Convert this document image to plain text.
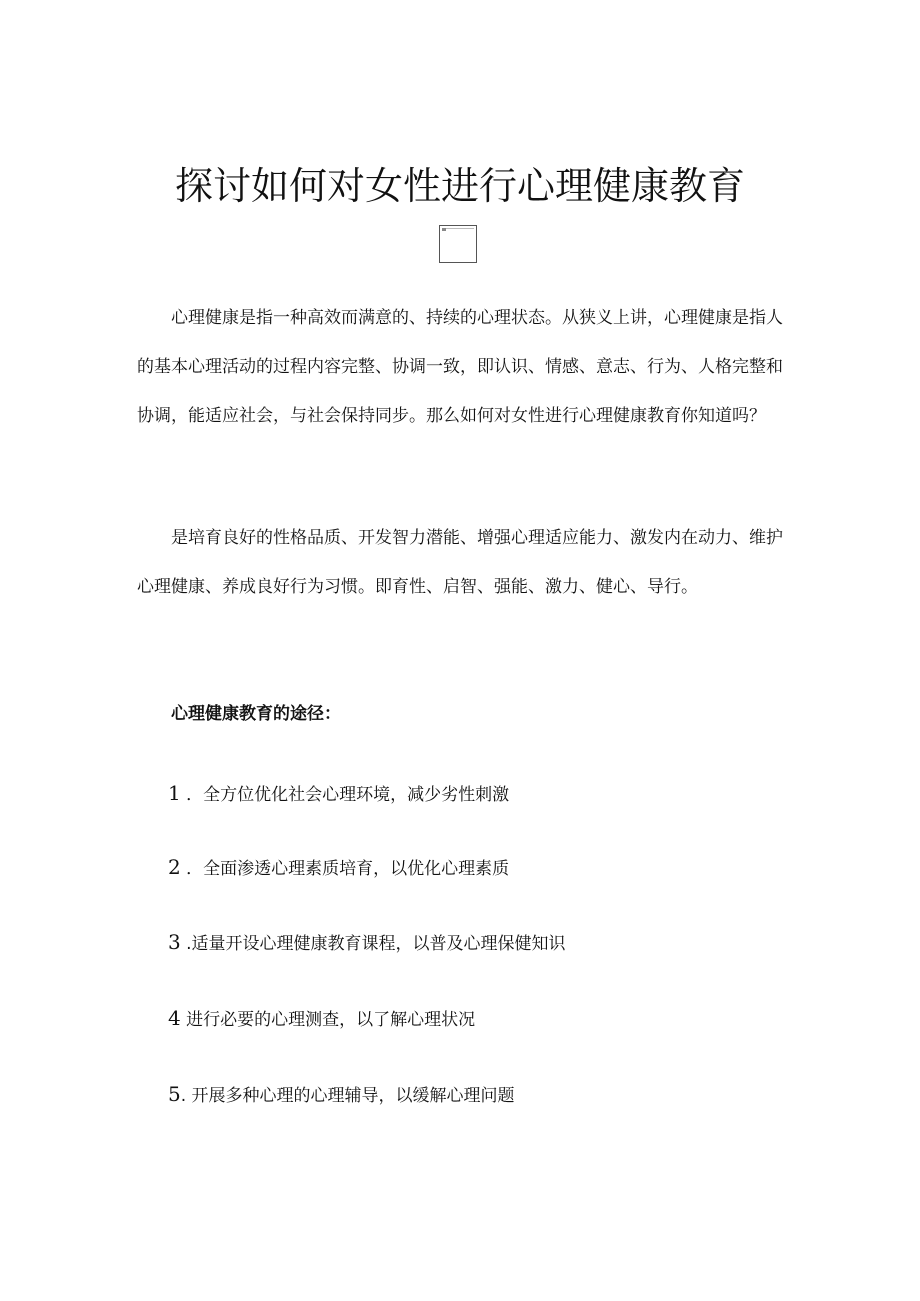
探讨如何对女性进行心理健康教育

心理健康是指一种高效而满意的、持续的心理状态。从狭义上讲，心理健康是指人的基本心理活动的过程内容完整、协调一致，即认识、情感、意志、行为、人格完整和协调，能适应社会，与社会保持同步。那么如何对女性进行心理健康教育你知道吗？

是培育良好的性格品质、开发智力潜能、增强心理适应能力、激发内在动力、维护心理健康、养成良好行为习惯。即育性、启智、强能、激力、健心、导行。

心理健康教育的途径：

1 ．全方位优化社会心理环境，减少劣性刺激

2 ．全面渗透心理素质培育，以优化心理素质

3 .适量开设心理健康教育课程，以普及心理保健知识

4 进行必要的心理测查，以了解心理状况

5. 开展多种心理的心理辅导，以缓解心理问题
